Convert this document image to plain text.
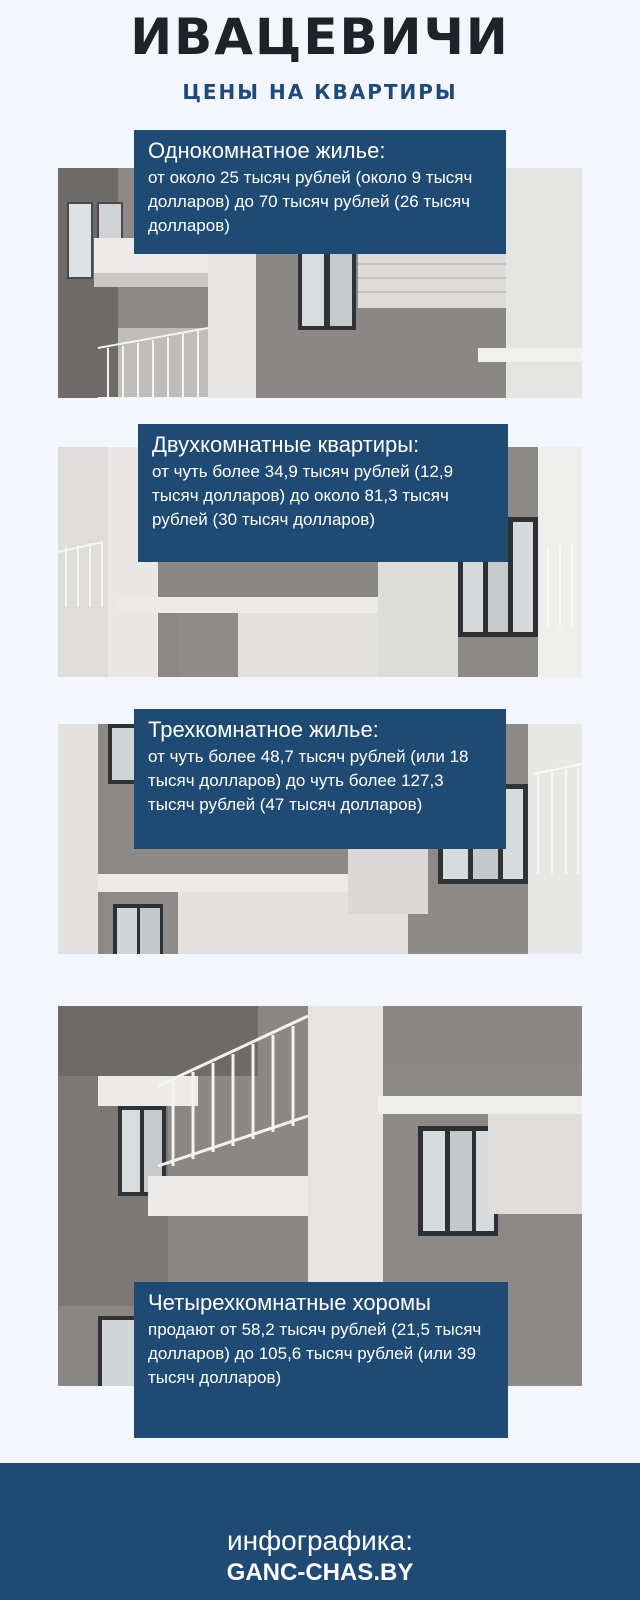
ИВАЦЕВИЧИ
ЦЕНЫ НА КВАРТИРЫ
Однокомнатное жилье:
от около 25 тысяч рублей (около 9 тысяч долларов) до 70 тысяч рублей (26 тысяч долларов)
Двухкомнатные квартиры:
от чуть более 34,9 тысяч рублей (12,9 тысяч долларов) до около 81,3 тысяч рублей (30 тысяч долларов)
Трехкомнатное жилье:
от чуть более 48,7 тысяч рублей (или 18 тысяч долларов) до чуть более 127,3 тысяч рублей (47 тысяч долларов)
Четырехкомнатные хоромы
продают от 58,2 тысяч рублей (21,5 тысяч долларов) до 105,6 тысяч рублей (или 39 тысяч долларов)
инфографика:
GANC-CHAS.BY
